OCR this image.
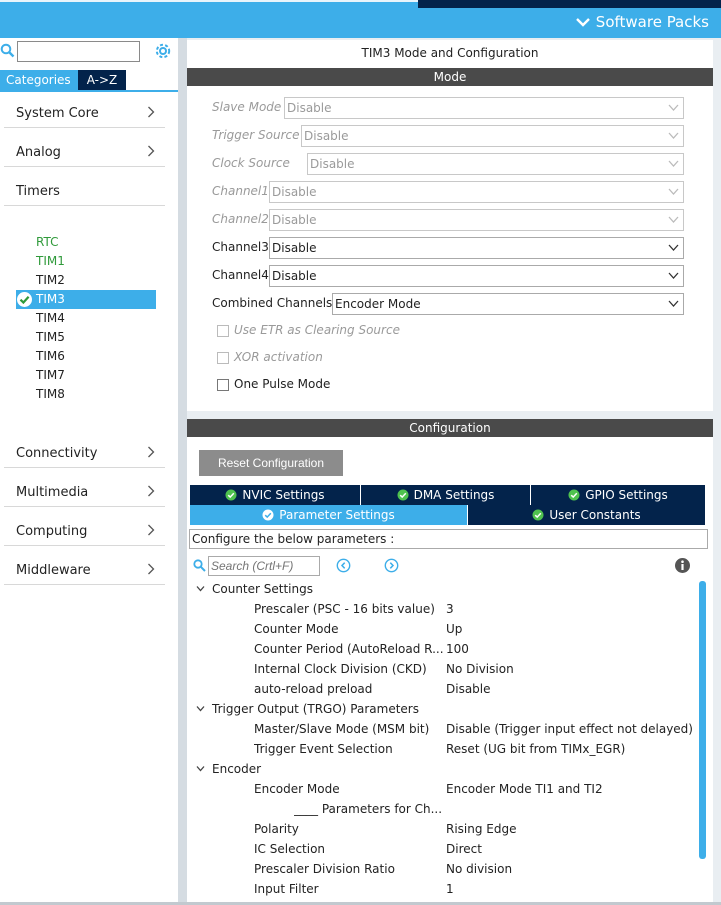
Software Packs
Categories	A->Z
System Core
Analog
Timers
RTC
TIM1
TIM2
TIM3
TIM4
TIM5
TIM6
TIM7
TIM8
Connectivity
Multimedia
Computing
Middleware
TIM3 Mode and Configuration
Mode
Slave Mode Disable
Trigger Source Disable
Clock Source Disable
Channel1 Disable
Channel2 Disable
Channel3 Disable
Channel4 Disable
Combined Channels Encoder Mode
Use ETR as Clearing Source
XOR activation
One Pulse Mode
Configuration
Reset Configuration
NVIC Settings	DMA Settings	GPIO Settings
Parameter Settings	User Constants
Configure the below parameters :
Search (Crtl+F)
Counter Settings
Prescaler (PSC - 16 bits value) 3
Counter Mode	Up
Counter Period (AutoReload R... 100
Internal Clock Division (CKD)	No Division
auto-reload preload	Disable
Trigger Output (TRGO) Parameters
Master/Slave Mode (MSM bit)	Disable (Trigger input effect not delayed)
Trigger Event Selection	Reset (UG bit from TIMx_EGR)
Encoder
Encoder Mode	Encoder Mode TI1 and TI2
____ Parameters for Ch...
Polarity	Rising Edge
IC Selection	Direct
Prescaler Division Ratio	No division
Input Filter	1
